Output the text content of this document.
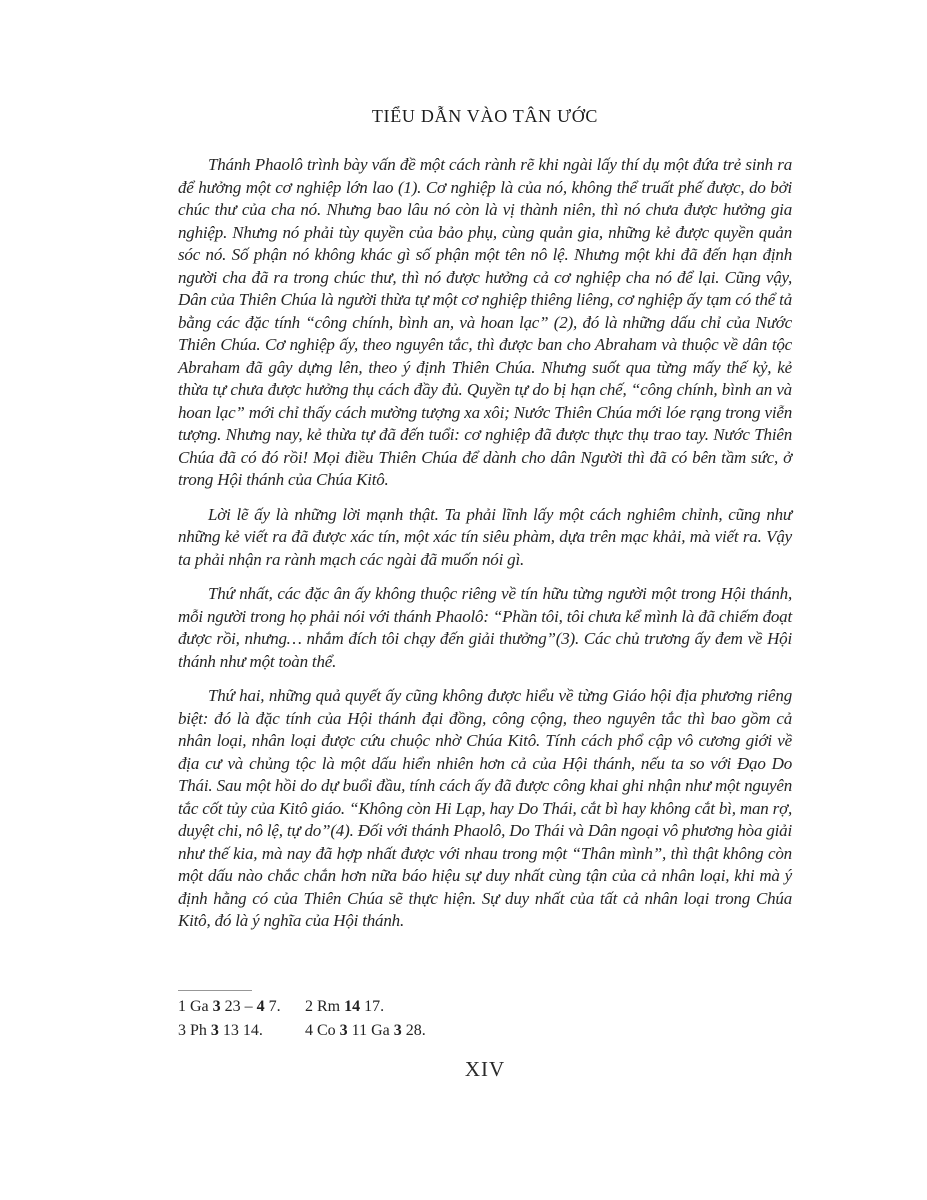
TIỂU DẪN VÀO TÂN ƯỚC

Thánh Phaolô trình bày vấn đề một cách rành rẽ khi ngài lấy thí dụ một đứa trẻ sinh ra để hưởng một cơ nghiệp lớn lao (1). Cơ nghiệp là của nó, không thể truất phế được, do bởi chúc thư của cha nó. Nhưng bao lâu nó còn là vị thành niên, thì nó chưa được hưởng gia nghiệp. Nhưng nó phải tùy quyền của bảo phụ, cùng quản gia, những kẻ được quyền quản sóc nó. Số phận nó không khác gì số phận một tên nô lệ. Nhưng một khi đã đến hạn định người cha đã ra trong chúc thư, thì nó được hưởng cả cơ nghiệp cha nó để lại. Cũng vậy, Dân của Thiên Chúa là người thừa tự một cơ nghiệp thiêng liêng, cơ nghiệp ấy tạm có thể tả bằng các đặc tính “công chính, bình an, và hoan lạc” (2), đó là những dấu chỉ của Nước Thiên Chúa. Cơ nghiệp ấy, theo nguyên tắc, thì được ban cho Abraham và thuộc về dân tộc Abraham đã gây dựng lên, theo ý định Thiên Chúa. Nhưng suốt qua từng mấy thế kỷ, kẻ thừa tự chưa được hưởng thụ cách đầy đủ. Quyền tự do bị hạn chế, “công chính, bình an và hoan lạc” mới chỉ thấy cách mường tượng xa xôi; Nước Thiên Chúa mới lóe rạng trong viễn tượng. Nhưng nay, kẻ thừa tự đã đến tuổi: cơ nghiệp đã được thực thụ trao tay. Nước Thiên Chúa đã có đó rồi! Mọi điều Thiên Chúa để dành cho dân Người thì đã có bên tầm sức, ở trong Hội thánh của Chúa Kitô.

Lời lẽ ấy là những lời mạnh thật. Ta phải lĩnh lấy một cách nghiêm chỉnh, cũng như những kẻ viết ra đã được xác tín, một xác tín siêu phàm, dựa trên mạc khải, mà viết ra. Vậy ta phải nhận ra rành mạch các ngài đã muốn nói gì.

Thứ nhất, các đặc ân ấy không thuộc riêng về tín hữu từng người một trong Hội thánh, mỗi người trong họ phải nói với thánh Phaolô: “Phần tôi, tôi chưa kể mình là đã chiếm đoạt được rồi, nhưng… nhắm đích tôi chạy đến giải thưởng”(3). Các chủ trương ấy đem về Hội thánh như một toàn thể.

Thứ hai, những quả quyết ấy cũng không được hiểu về từng Giáo hội địa phương riêng biệt: đó là đặc tính của Hội thánh đại đồng, công cộng, theo nguyên tắc thì bao gồm cả nhân loại, nhân loại được cứu chuộc nhờ Chúa Kitô. Tính cách phổ cập vô cương giới về địa cư và chủng tộc là một dấu hiển nhiên hơn cả của Hội thánh, nếu ta so với Đạo Do Thái. Sau một hồi do dự buổi đầu, tính cách ấy đã được công khai ghi nhận như một nguyên tắc cốt tủy của Kitô giáo. “Không còn Hi Lạp, hay Do Thái, cắt bì hay không cắt bì, man rợ, duyệt chi, nô lệ, tự do”(4). Đối với thánh Phaolô, Do Thái và Dân ngoại vô phương hòa giải như thế kia, mà nay đã hợp nhất được với nhau trong một “Thân mình”, thì thật không còn một dấu nào chắc chắn hơn nữa báo hiệu sự duy nhất cùng tận của cả nhân loại, khi mà ý định hằng có của Thiên Chúa sẽ thực hiện. Sự duy nhất của tất cả nhân loại trong Chúa Kitô, đó là ý nghĩa của Hội thánh.

1 Ga 3 23 – 4 7.	2 Rm 14 17.
3 Ph 3 13 14.	4 Co 3 11 Ga 3 28.
XIV
